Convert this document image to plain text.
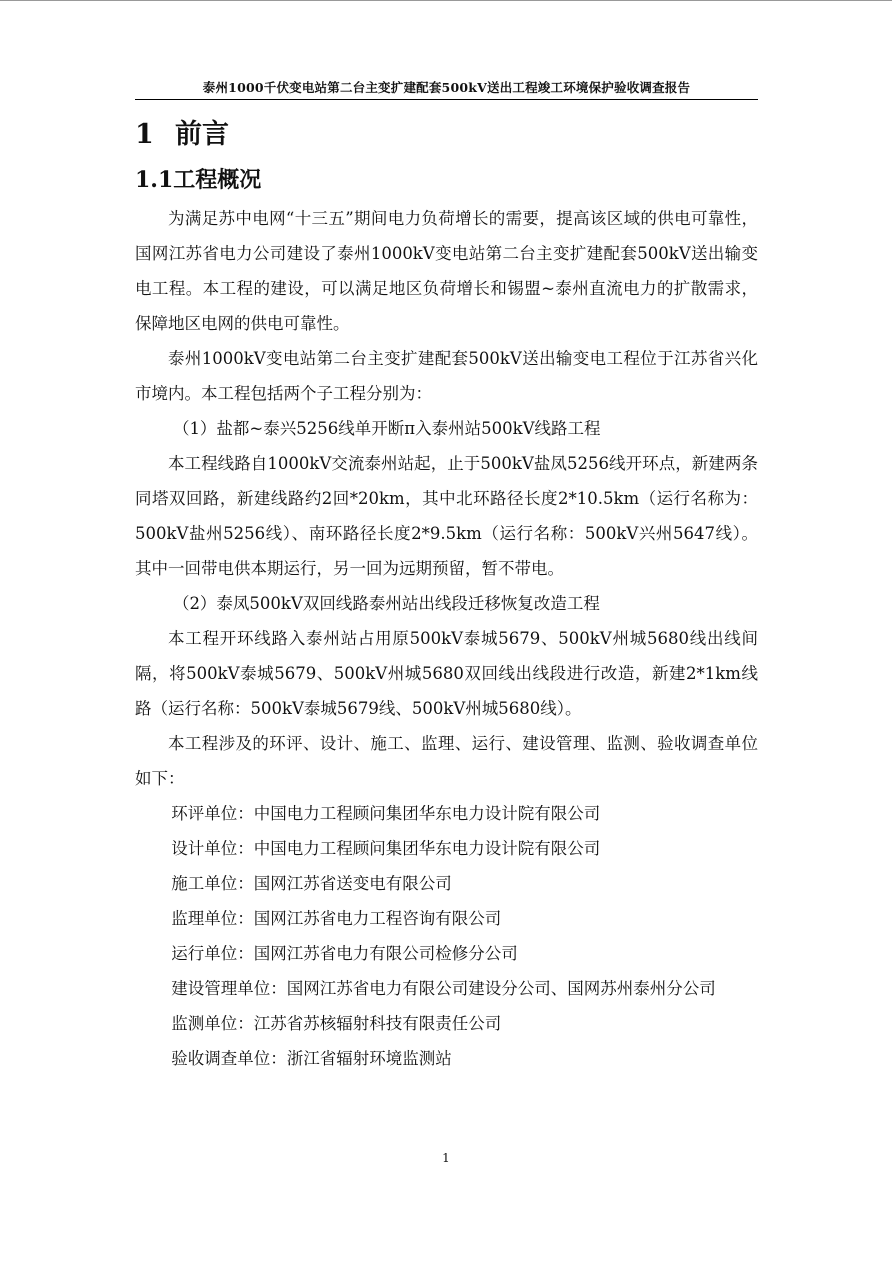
泰州1000千伏变电站第二台主变扩建配套500kV送出工程竣工环境保护验收调查报告
1 前言
1.1工程概况

为满足苏中电网“十三五”期间电力负荷增长的需要，提高该区域的供电可靠性，国网江苏省电力公司建设了泰州1000kV变电站第二台主变扩建配套500kV送出输变电工程。本工程的建设，可以满足地区负荷增长和锡盟~泰州直流电力的扩散需求，保障地区电网的供电可靠性。

泰州1000kV变电站第二台主变扩建配套500kV送出输变电工程位于江苏省兴化市境内。本工程包括两个子工程分别为：

（1）盐都~泰兴5256线单开断π入泰州站500kV线路工程

本工程线路自1000kV交流泰州站起，止于500kV盐凤5256线开环点，新建两条同塔双回路，新建线路约2回*20km，其中北环路径长度2*10.5km（运行名称为：500kV盐州5256线）、南环路径长度2*9.5km（运行名称：500kV兴州5647线）。其中一回带电供本期运行，另一回为远期预留，暂不带电。

（2）泰凤500kV双回线路泰州站出线段迁移恢复改造工程

本工程开环线路入泰州站占用原500kV泰城5679、500kV州城5680线出线间隔，将500kV泰城5679、500kV州城5680双回线出线段进行改造，新建2*1km线路（运行名称：500kV泰城5679线、500kV州城5680线）。

本工程涉及的环评、设计、施工、监理、运行、建设管理、监测、验收调查单位如下：

环评单位：中国电力工程顾问集团华东电力设计院有限公司
设计单位：中国电力工程顾问集团华东电力设计院有限公司
施工单位：国网江苏省送变电有限公司
监理单位：国网江苏省电力工程咨询有限公司
运行单位：国网江苏省电力有限公司检修分公司
建设管理单位：国网江苏省电力有限公司建设分公司、国网苏州泰州分公司
监测单位：江苏省苏核辐射科技有限责任公司
验收调查单位：浙江省辐射环境监测站
1
